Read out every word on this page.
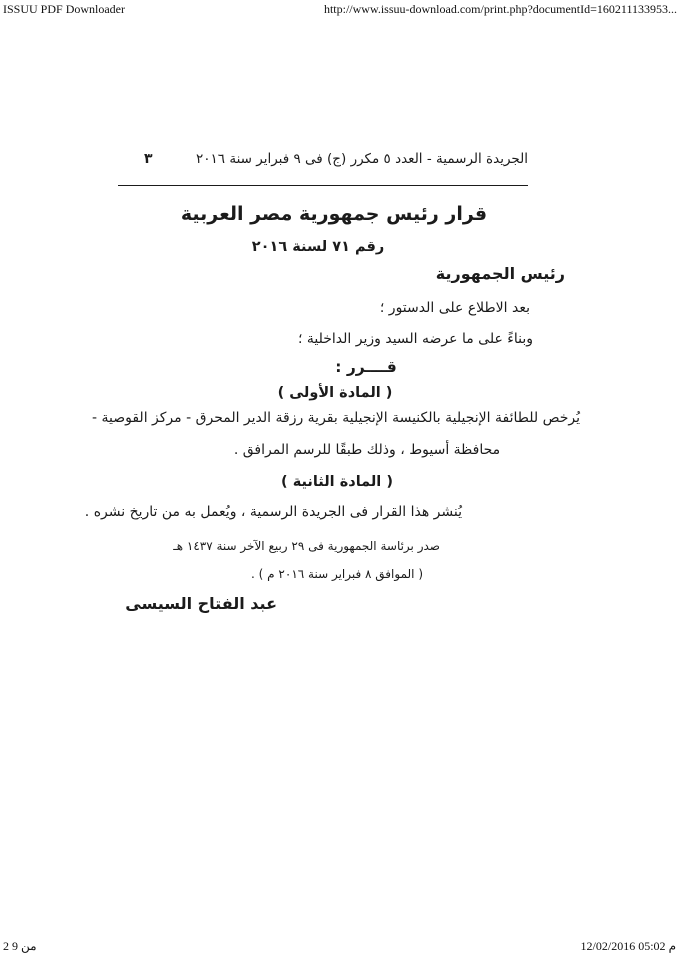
ISSUU PDF Downloader	http://www.issuu-download.com/print.php?documentId=160211133953...
الجريدة الرسمية - العدد ٥ مكرر (ج) فى ٩ فبراير سنة ٢٠١٦
٣
قرار رئيس جمهورية مصر العربية
رقم ٧١ لسنة ٢٠١٦
رئيس الجمهورية
بعد الاطلاع على الدستور ؛
وبناءً على ما عرضه السيد وزير الداخلية ؛
قــــرر :
( المادة الأولى )
يُرخص للطائفة الإنجيلية بالكنيسة الإنجيلية بقرية رزقة الدير المحرق - مركز القوصية -
محافظة أسيوط ، وذلك طبقًا للرسم المرافق .
( المادة الثانية )
يُنشر هذا القرار فى الجريدة الرسمية ، ويُعمل به من تاريخ نشره .
صدر برئاسة الجمهورية فى ٢٩ ربيع الآخر سنة ١٤٣٧ هـ
( الموافق ٨ فبراير سنة ٢٠١٦ م ) .
عبد الفتاح السيسى
2 من 9	12/02/2016 05:02 م
